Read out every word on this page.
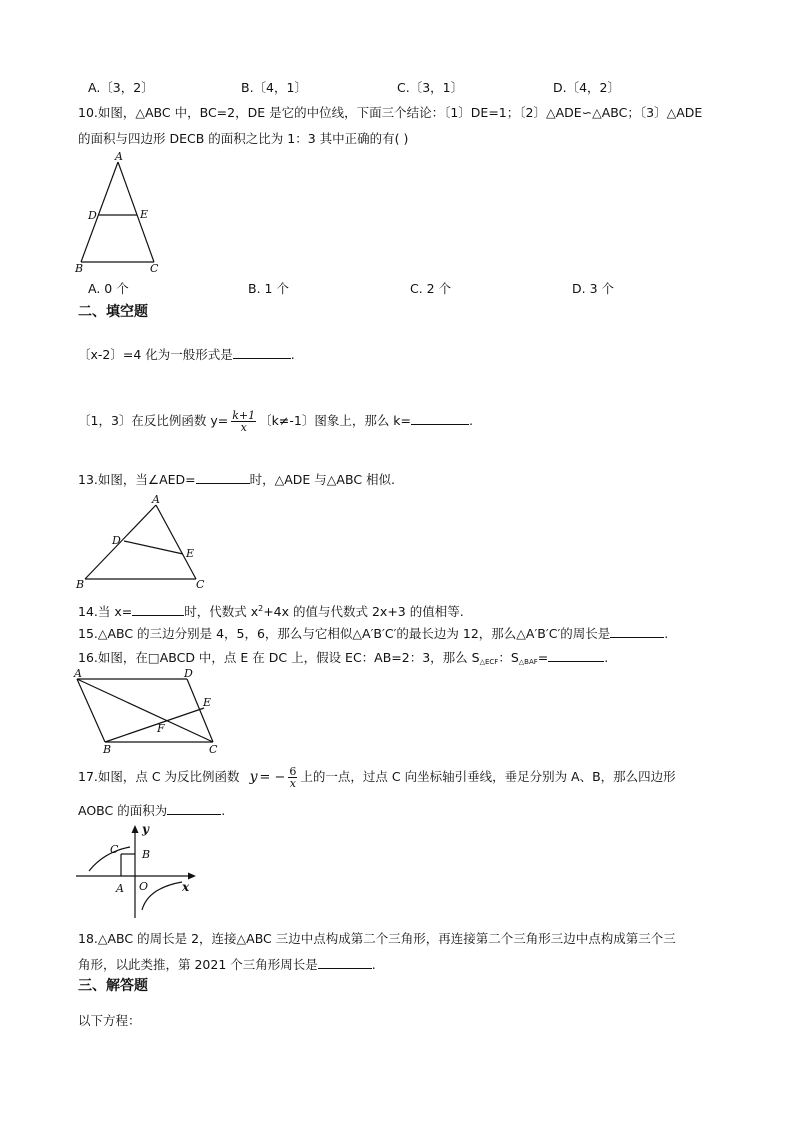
A.〔3，2〕	B.〔4，1〕	C.〔3，1〕	D.〔4，2〕
10.如图，△ABC 中，BC=2，DE 是它的中位线，下面三个结论：〔1〕DE=1；〔2〕△ADE∽△ABC；〔3〕△ADE
的面积与四边形 DECB 的面积之比为 1：3 其中正确的有( )
A
D	E
B	C
A. 0 个	B. 1 个	C. 2 个	D. 3 个
二、填空题
〔x-2〕=4 化为一般形式是	.
〔1，3〕在反比例函数 $y= \frac{k+1}{x}$ 〔k≠-1〕图象上，那么 k=	.
13.如图，当∠AED=	时，△ADE 与△ABC 相似.
A
D
E
B	C
14.当 x=	时，代数式 $x^2+4x$ 的值与代数式 2x+3 的值相等.
15.△ABC 的三边分别是 4，5，6，那么与它相似△A′B′C′的最长边为 12，那么△A′B′C′的周长是	.
16.如图，在□ABCD 中，点 E 在 DC 上，假设 EC：AB=2：3，那么 $S_{\triangle ECF}$：$S_{\triangle BAF}=$	.
A	D
E
F
B	C
17.如图，点 C 为反比例函数 y = − $\frac{6}{x}$ 上的一点，过点 C 向坐标轴引垂线，垂足分别为 A、B，那么四边形
AOBC 的面积为	.
y
C B
A O	x
18.△ABC 的周长是 2，连接△ABC 三边中点构成第二个三角形，再连接第二个三角形三边中点构成第三个三
角形，以此类推，第 2021 个三角形周长是	.
三、解答题
以下方程：
